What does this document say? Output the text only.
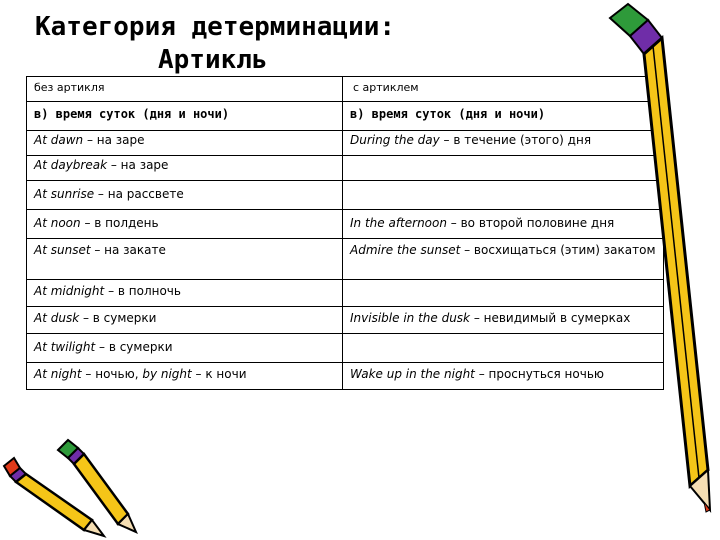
Категория детерминации:
Артикль
без артикля	с артиклем
в) время суток (дня и ночи)	в) время суток (дня и ночи)
At dawn – на заре	During the day – в течение (этого) дня
At daybreak – на заре	
At sunrise – на рассвете	
At noon – в полдень	In the afternoon – во второй половине дня
At sunset – на закате	Admire the sunset – восхищаться (этим) закатом
At midnight – в полночь	
At dusk – в сумерки	Invisible in the dusk – невидимый в сумерках
At twilight – в сумерки	
At night – ночью, by night – к ночи	Wake up in the night – проснуться ночью
